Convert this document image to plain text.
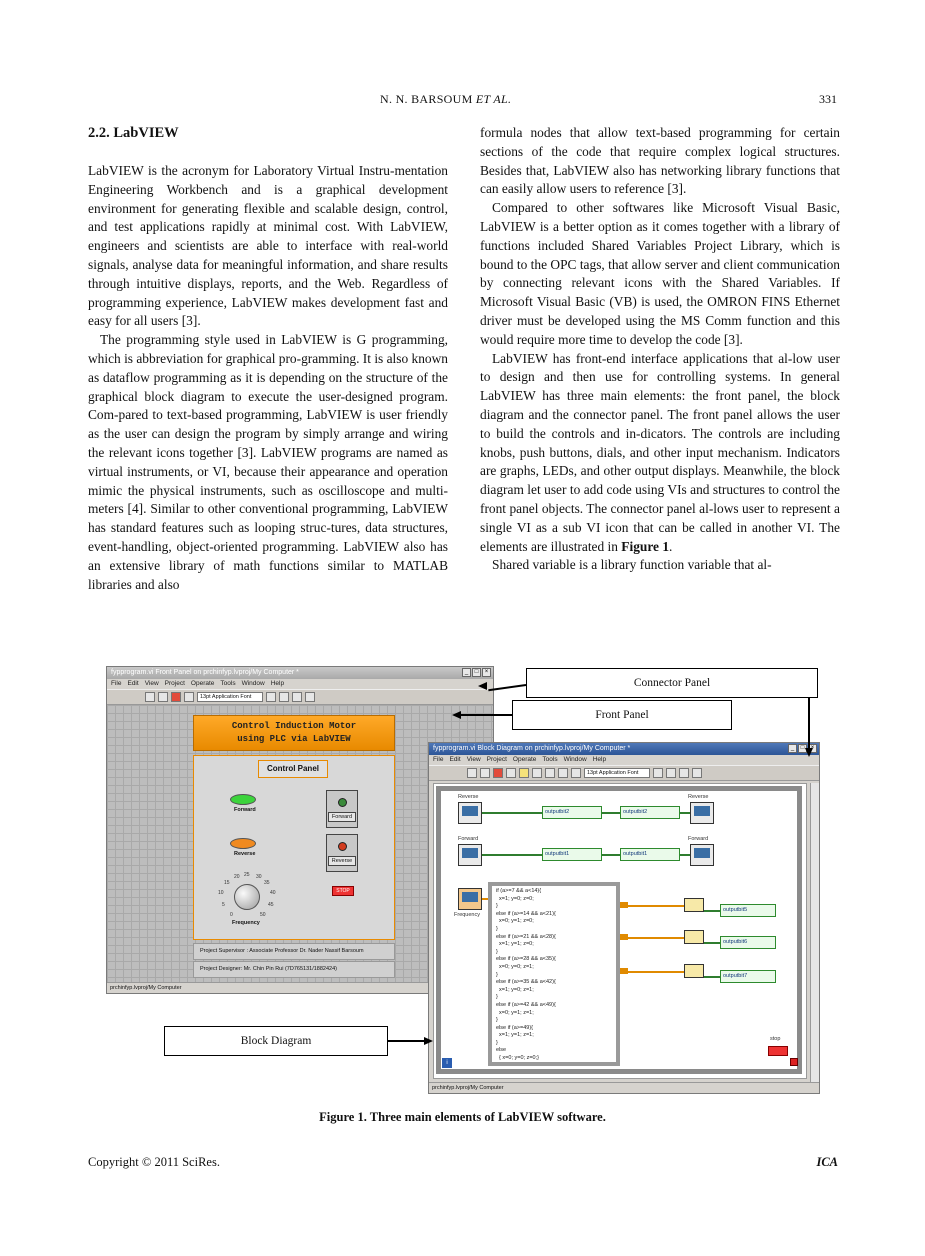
N. N. BARSOUM ET AL.	331
2.2. LabVIEW

LabVIEW is the acronym for Laboratory Virtual Instru-mentation Engineering Workbench and is a graphical development environment for generating flexible and scalable design, control, and test applications rapidly at minimal cost. With LabVIEW, engineers and scientists are able to interface with real-world signals, analyse data for meaningful information, and share results through intuitive displays, reports, and the Web. Regardless of programming experience, LabVIEW makes development fast and easy for all users [3].

The programming style used in LabVIEW is G programming, which is abbreviation for graphical pro-gramming. It is also known as dataflow programming as it is depending on the structure of the graphical block diagram to execute the user-designed program. Com-pared to text-based programming, LabVIEW is user friendly as the user can design the program by simply arrange and wiring the relevant icons together [3]. LabVIEW programs are named as virtual instruments, or VI, because their appearance and operation mimic the physical instruments, such as oscilloscope and multi-meters [4]. Similar to other conventional programming, LabVIEW has standard features such as looping struc-tures, data structures, event-handling, object-oriented programming. LabVIEW also has an extensive library of math functions similar to MATLAB libraries and also

formula nodes that allow text-based programming for certain sections of the code that require complex logical structures. Besides that, LabVIEW also has networking library functions that can easily allow users to reference [3].

Compared to other softwares like Microsoft Visual Basic, LabVIEW is a better option as it comes together with a library of functions included Shared Variables Project Library, which is bound to the OPC tags, that allow server and client communication by connecting relevant icons with the Shared Variables. If Microsoft Visual Basic (VB) is used, the OMRON FINS Ethernet driver must be developed using the MS Comm function and this would require more time to develop the code [3].

LabVIEW has front-end interface applications that al-low user to design and then use for controlling systems. In general LabVIEW has three main elements: the front panel, the block diagram and the connector panel. The front panel allows the user to build the controls and in-dicators. The controls are including knobs, push buttons, dials, and other input mechanism. Indicators are graphs, LEDs, and other output displays. Meanwhile, the block diagram let user to add code using VIs and structures to control the front panel objects. The connector panel al-lows user to represent a single VI as a sub VI icon that can be called in another VI. The elements are illustrated in Figure 1.

Shared variable is a library function variable that al-

fypprogram.vi Front Panel on prchinfyp.lvproj/My Computer *	_	□	×
File Edit View Project Operate Tools Window Help
13pt Application Font
Control Induction Motor
using PLC via LabVIEW
Control Panel
Forward
Reverse
Forward
Reverse
STOP
20 25 30
15	35
10	40
5	45
0	50
Frequency
Project Supervisor : Associate Professor Dr. Nader Nassif Barsoum
Project Designer: Mr. Chin Pin Rui (7D765131/1882424)
prchinfyp.lvproj/My Computer
fypprogram.vi Block Diagram on prchinfyp.lvproj/My Computer *	_	□	×
File Edit View Project Operate Tools Window Help
13pt Application Font
Reverse
outputbit2	outputbit2
Reverse
Forward
outputbit1	outputbit1
Forward
Frequency
if (a>=7 && a<14){
x=1; y=0; z=0;
}
else if (a>=14 && a<21){
x=0; y=1; z=0;
}
else if (a>=21 && a<28){
x=1; y=1; z=0;
}
else if (a>=28 && a<35){
x=0; y=0; z=1;
}
else if (a>=35 && a<42){
x=1; y=0; z=1;
}
else if (a>=42 && a<49){
x=0; y=1; z=1;
}
else if (a>=49){
x=1; y=1; z=1;
}
else
{ x=0; y=0; z=0;}
outputbit5
outputbit6
outputbit7
stop
i
prchinfyp.lvproj/My Computer
Connector Panel
Front Panel
Block Diagram
Figure 1. Three main elements of LabVIEW software.
Copyright © 2011 SciRes.	ICA
